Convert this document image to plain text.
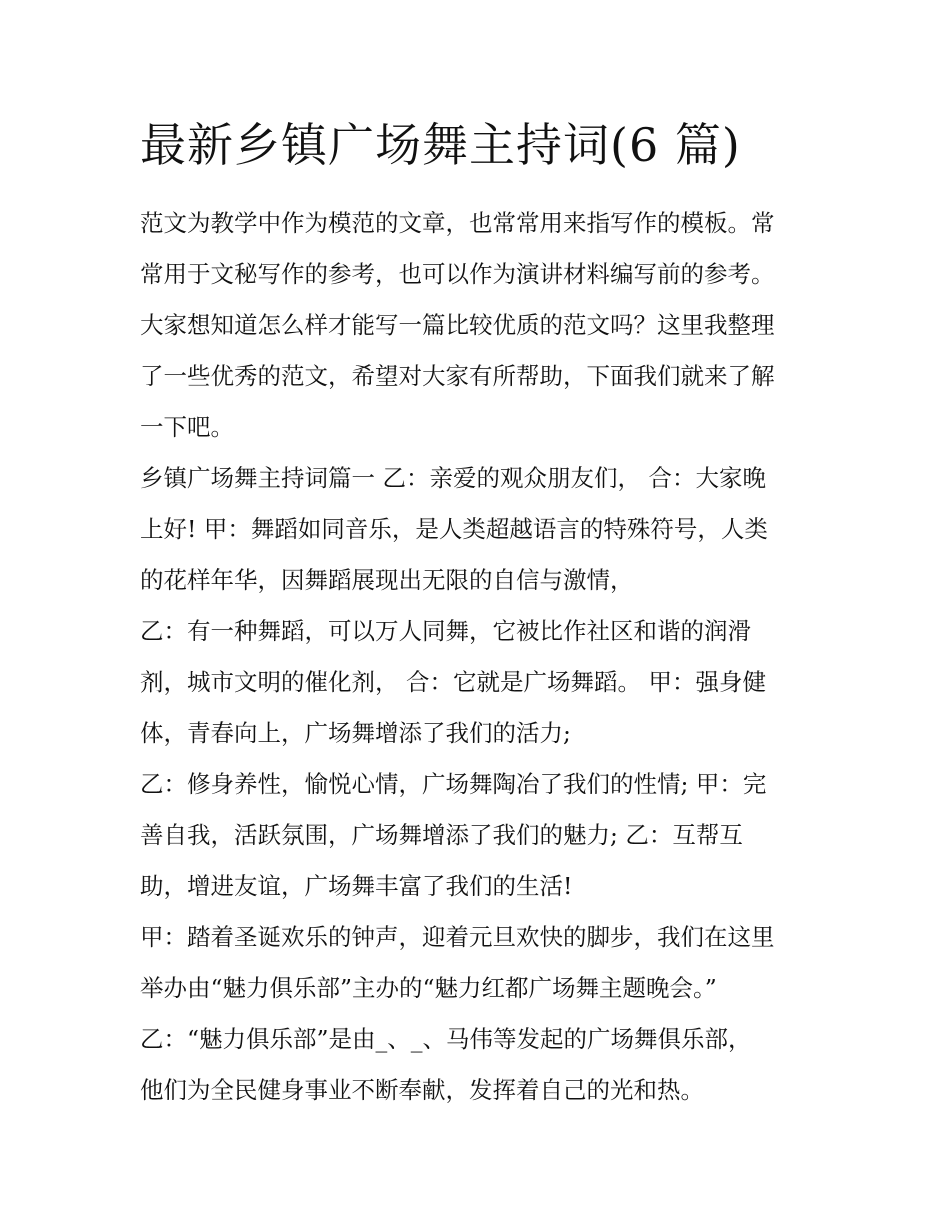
最新乡镇广场舞主持词(6 篇)

范文为教学中作为模范的文章，也常常用来指写作的模板。常
常用于文秘写作的参考，也可以作为演讲材料编写前的参考。
大家想知道怎么样才能写一篇比较优质的范文吗？这里我整理
了一些优秀的范文，希望对大家有所帮助，下面我们就来了解
一下吧。

乡镇广场舞主持词篇一 乙：亲爱的观众朋友们， 合：大家晚
上好! 甲：舞蹈如同音乐，是人类超越语言的特殊符号，人类
的花样年华，因舞蹈展现出无限的自信与激情，

乙：有一种舞蹈，可以万人同舞，它被比作社区和谐的润滑
剂，城市文明的催化剂， 合：它就是广场舞蹈。 甲：强身健
体，青春向上，广场舞增添了我们的活力;

乙：修身养性，愉悦心情，广场舞陶冶了我们的性情; 甲：完
善自我，活跃氛围，广场舞增添了我们的魅力; 乙：互帮互
助，增进友谊，广场舞丰富了我们的生活!

甲：踏着圣诞欢乐的钟声，迎着元旦欢快的脚步，我们在这里
举办由“魅力俱乐部”主办的“魅力红都广场舞主题晚会。”

乙：“魅力俱乐部”是由_、_、马伟等发起的广场舞俱乐部，
他们为全民健身事业不断奉献，发挥着自己的光和热。
